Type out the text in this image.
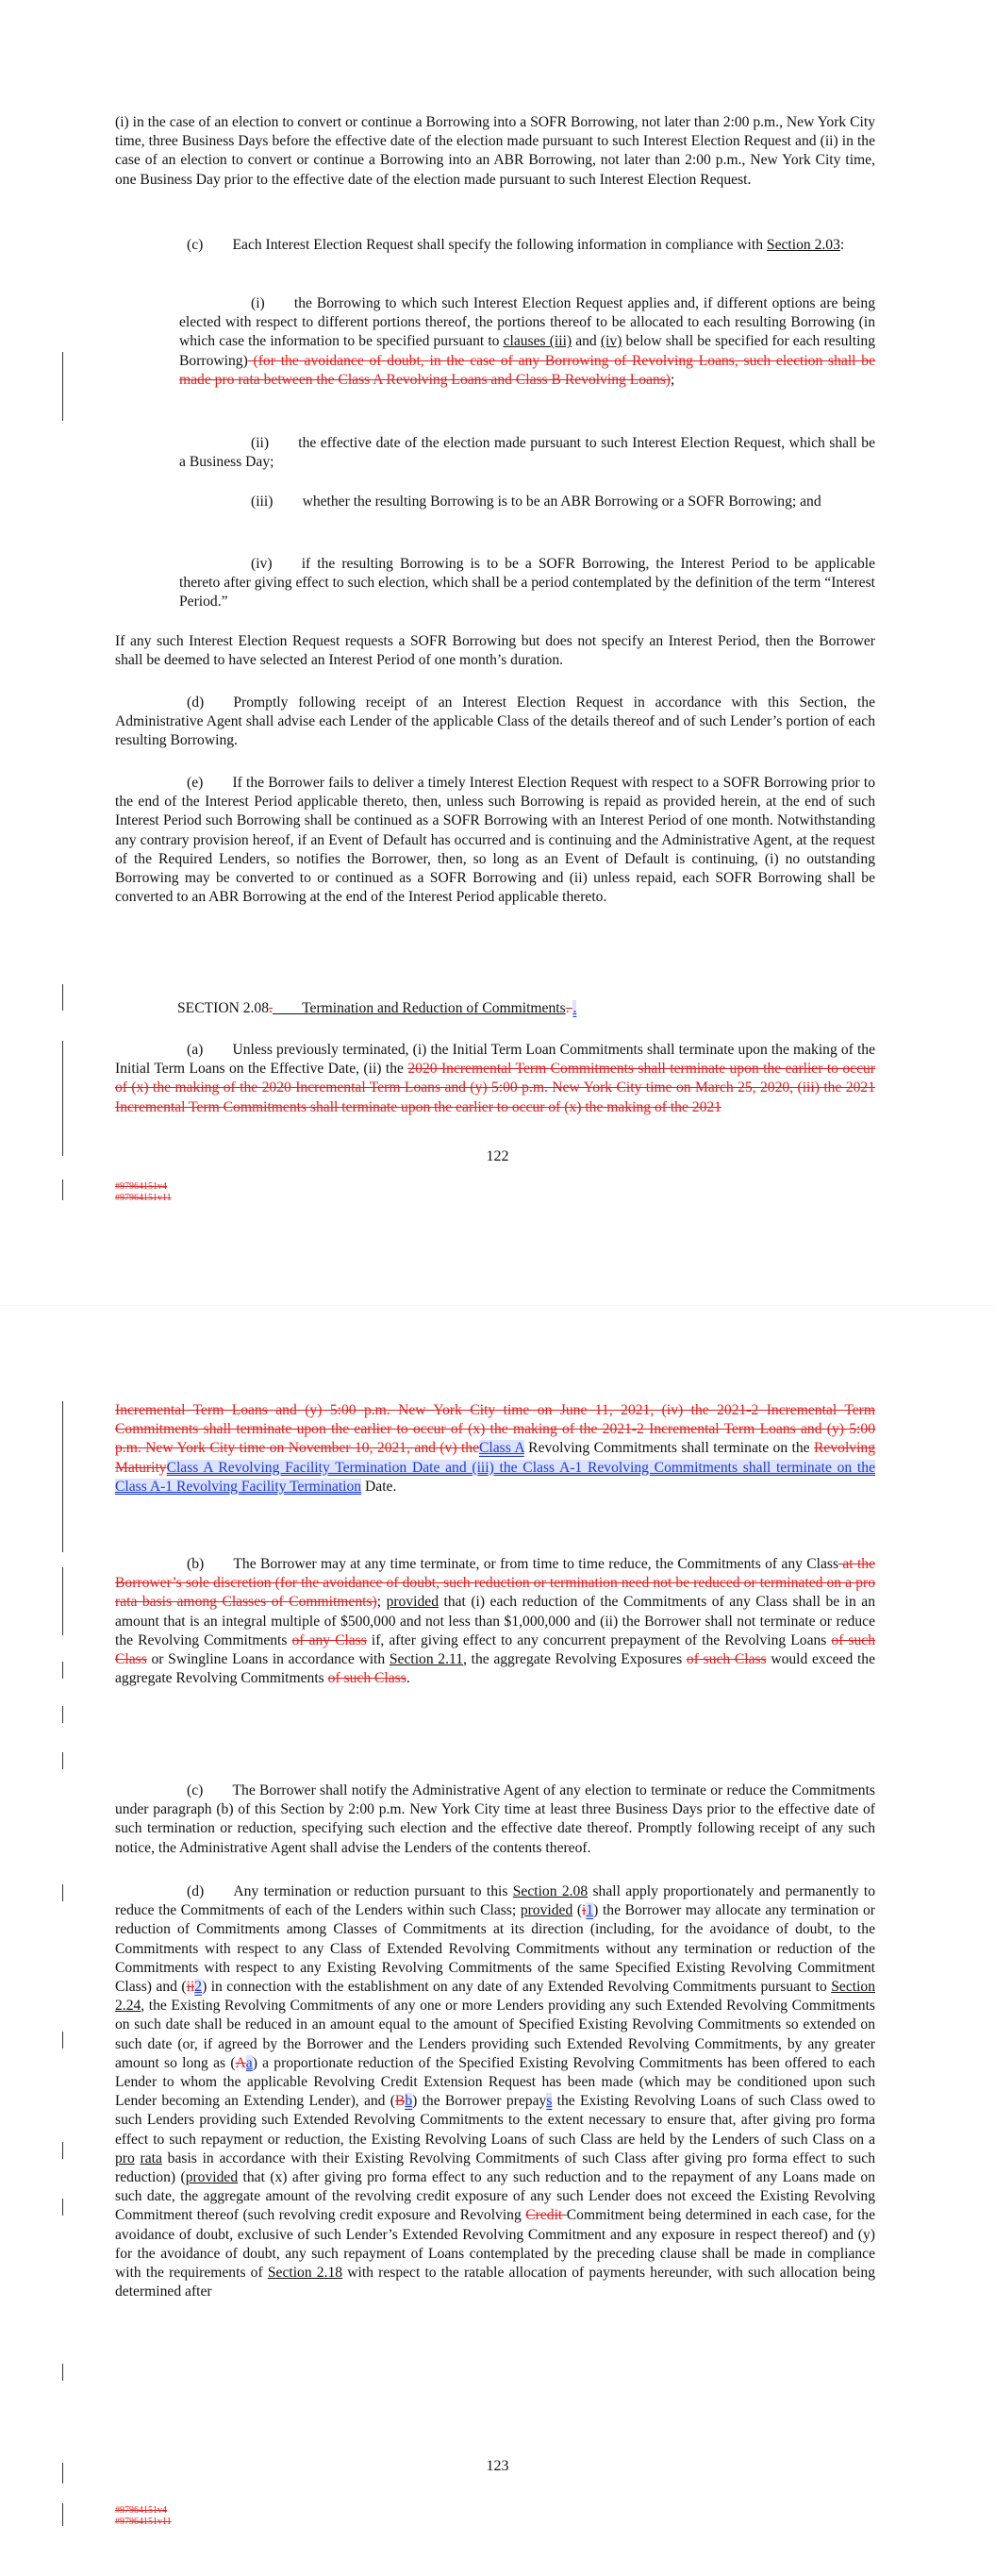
(i) in the case of an election to convert or continue a Borrowing into a SOFR Borrowing, not later than 2:00 p.m., New York City time, three Business Days before the effective date of the election made pursuant to such Interest Election Request and (ii) in the case of an election to convert or continue a Borrowing into an ABR Borrowing, not later than 2:00 p.m., New York City time, one Business Day prior to the effective date of the election made pursuant to such Interest Election Request.

(c)  Each Interest Election Request shall specify the following information in compliance with Section 2.03:

(i)  the Borrowing to which such Interest Election Request applies and, if different options are being elected with respect to different portions thereof, the portions thereof to be allocated to each resulting Borrowing (in which case the information to be specified pursuant to clauses (iii) and (iv) below shall be specified for each resulting Borrowing) (for the avoidance of doubt, in the case of any Borrowing of Revolving Loans, such election shall be made pro rata between the Class A Revolving Loans and Class B Revolving Loans);

(ii)  the effective date of the election made pursuant to such Interest Election Request, which shall be a Business Day;

(iii)  whether the resulting Borrowing is to be an ABR Borrowing or a SOFR Borrowing; and

(iv)  if the resulting Borrowing is to be a SOFR Borrowing, the Interest Period to be applicable thereto after giving effect to such election, which shall be a period contemplated by the definition of the term “Interest Period.”

If any such Interest Election Request requests a SOFR Borrowing but does not specify an Interest Period, then the Borrower shall be deemed to have selected an Interest Period of one month’s duration.

(d)  Promptly following receipt of an Interest Election Request in accordance with this Section, the Administrative Agent shall advise each Lender of the applicable Class of the details thereof and of such Lender’s portion of each resulting Borrowing.

(e)  If the Borrower fails to deliver a timely Interest Election Request with respect to a SOFR Borrowing prior to the end of the Interest Period applicable thereto, then, unless such Borrowing is repaid as provided herein, at the end of such Interest Period such Borrowing shall be continued as a SOFR Borrowing with an Interest Period of one month. Notwithstanding any contrary provision hereof, if an Event of Default has occurred and is continuing and the Administrative Agent, at the request of the Required Lenders, so notifies the Borrower, then, so long as an Event of Default is continuing, (i) no outstanding Borrowing may be converted to or continued as a SOFR Borrowing and (ii) unless repaid, each SOFR Borrowing shall be converted to an ABR Borrowing at the end of the Interest Period applicable thereto.

SECTION 2.08.  Termination and Reduction of Commitments. .

(a)  Unless previously terminated, (i) the Initial Term Loan Commitments shall terminate upon the making of the Initial Term Loans on the Effective Date, (ii) the 2020 Incremental Term Commitments shall terminate upon the earlier to occur of (x) the making of the 2020 Incremental Term Loans and (y) 5:00 p.m. New York City time on March 25, 2020, (iii) the 2021 Incremental Term Commitments shall terminate upon the earlier to occur of (x) the making of the 2021

122

#97964151v4
#97964151v11

Incremental Term Loans and (y) 5:00 p.m. New York City time on June 11, 2021, (iv) the 2021-2 Incremental Term Commitments shall terminate upon the earlier to occur of (x) the making of the 2021-2 Incremental Term Loans and (y) 5:00 p.m. New York City time on November 10, 2021, and (v) theClass A Revolving Commitments shall terminate on the Revolving MaturityClass A Revolving Facility Termination Date and (iii) the Class A-1 Revolving Commitments shall terminate on the Class A-1 Revolving Facility Termination Date.

(b)  The Borrower may at any time terminate, or from time to time reduce, the Commitments of any Class at the Borrower’s sole discretion (for the avoidance of doubt, such reduction or termination need not be reduced or terminated on a pro rata basis among Classes of Commitments); provided that (i) each reduction of the Commitments of any Class shall be in an amount that is an integral multiple of $500,000 and not less than $1,000,000 and (ii) the Borrower shall not terminate or reduce the Revolving Commitments of any Class if, after giving effect to any concurrent prepayment of the Revolving Loans of such Class or Swingline Loans in accordance with Section 2.11, the aggregate Revolving Exposures of such Class would exceed the aggregate Revolving Commitments of such Class.

(c)  The Borrower shall notify the Administrative Agent of any election to terminate or reduce the Commitments under paragraph (b) of this Section by 2:00 p.m. New York City time at least three Business Days prior to the effective date of such termination or reduction, specifying such election and the effective date thereof. Promptly following receipt of any such notice, the Administrative Agent shall advise the Lenders of the contents thereof.

(d)  Any termination or reduction pursuant to this Section 2.08 shall apply proportionately and permanently to reduce the Commitments of each of the Lenders within such Class; provided (i1) the Borrower may allocate any termination or reduction of Commitments among Classes of Commitments at its direction (including, for the avoidance of doubt, to the Commitments with respect to any Class of Extended Revolving Commitments without any termination or reduction of the Commitments with respect to any Existing Revolving Commitments of the same Specified Existing Revolving Commitment Class) and (ii2) in connection with the establishment on any date of any Extended Revolving Commitments pursuant to Section 2.24, the Existing Revolving Commitments of any one or more Lenders providing any such Extended Revolving Commitments on such date shall be reduced in an amount equal to the amount of Specified Existing Revolving Commitments so extended on such date (or, if agreed by the Borrower and the Lenders providing such Extended Revolving Commitments, by any greater amount so long as (Aa) a proportionate reduction of the Specified Existing Revolving Commitments has been offered to each Lender to whom the applicable Revolving Credit Extension Request has been made (which may be conditioned upon such Lender becoming an Extending Lender), and (Bb) the Borrower prepays the Existing Revolving Loans of such Class owed to such Lenders providing such Extended Revolving Commitments to the extent necessary to ensure that, after giving pro forma effect to such repayment or reduction, the Existing Revolving Loans of such Class are held by the Lenders of such Class on a pro rata basis in accordance with their Existing Revolving Commitments of such Class after giving pro forma effect to such reduction) (provided that (x) after giving pro forma effect to any such reduction and to the repayment of any Loans made on such date, the aggregate amount of the revolving credit exposure of any such Lender does not exceed the Existing Revolving Commitment thereof (such revolving credit exposure and Revolving Credit Commitment being determined in each case, for the avoidance of doubt, exclusive of such Lender’s Extended Revolving Commitment and any exposure in respect thereof) and (y) for the avoidance of doubt, any such repayment of Loans contemplated by the preceding clause shall be made in compliance with the requirements of Section 2.18 with respect to the ratable allocation of payments hereunder, with such allocation being determined after

123

#97964151v4
#97964151v11
